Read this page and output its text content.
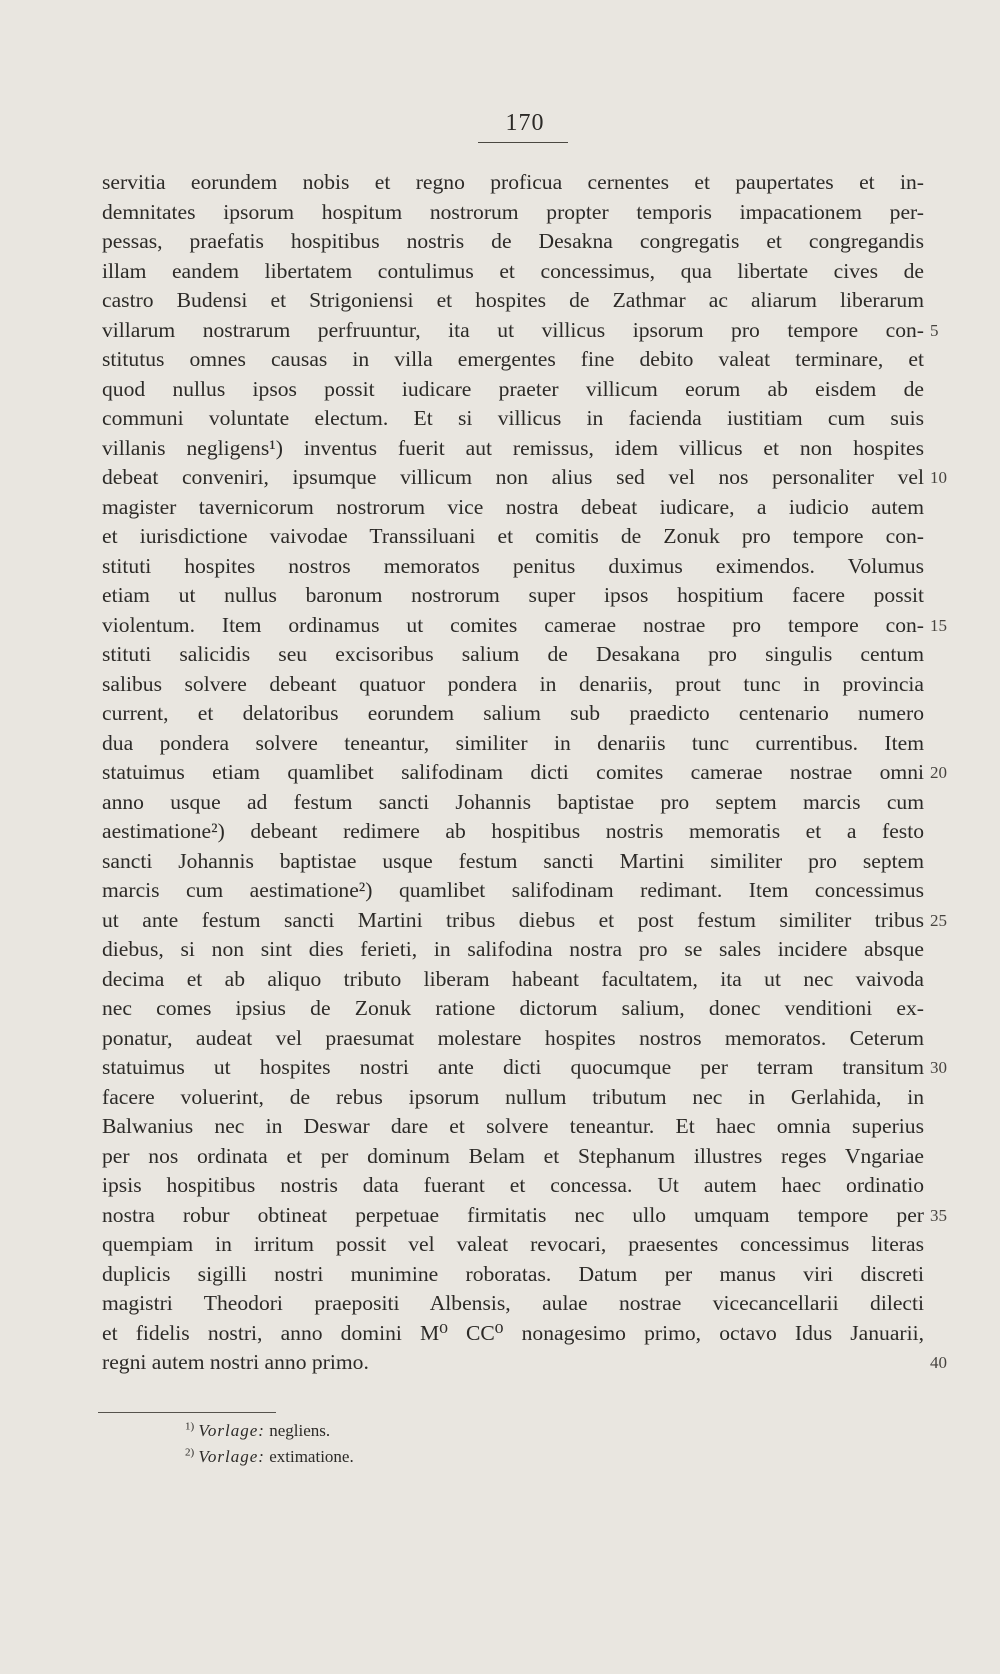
170
servitia eorundem nobis et regno proficua cernentes et paupertates et in-
demnitates ipsorum hospitum nostrorum propter temporis impacationem per-
pessas, praefatis hospitibus nostris de Desakna congregatis et congregandis
illam eandem libertatem contulimus et concessimus, qua libertate cives de
castro Budensi et Strigoniensi et hospites de Zathmar ac aliarum liberarum
villarum nostrarum perfruuntur, ita ut villicus ipsorum pro tempore con-
stitutus omnes causas in villa emergentes fine debito valeat terminare, et
quod nullus ipsos possit iudicare praeter villicum eorum ab eisdem de
communi voluntate electum. Et si villicus in facienda iustitiam cum suis
villanis negligens¹) inventus fuerit aut remissus, idem villicus et non hospites
debeat conveniri, ipsumque villicum non alius sed vel nos personaliter vel
magister tavernicorum nostrorum vice nostra debeat iudicare, a iudicio autem
et iurisdictione vaivodae Transsiluani et comitis de Zonuk pro tempore con-
stituti hospites nostros memoratos penitus duximus eximendos. Volumus
etiam ut nullus baronum nostrorum super ipsos hospitium facere possit
violentum. Item ordinamus ut comites camerae nostrae pro tempore con-
stituti salicidis seu excisoribus salium de Desakana pro singulis centum
salibus solvere debeant quatuor pondera in denariis, prout tunc in provincia
current, et delatoribus eorundem salium sub praedicto centenario numero
dua pondera solvere teneantur, similiter in denariis tunc currentibus. Item
statuimus etiam quamlibet salifodinam dicti comites camerae nostrae omni
anno usque ad festum sancti Johannis baptistae pro septem marcis cum
aestimatione²) debeant redimere ab hospitibus nostris memoratis et a festo
sancti Johannis baptistae usque festum sancti Martini similiter pro septem
marcis cum aestimatione²) quamlibet salifodinam redimant. Item concessimus
ut ante festum sancti Martini tribus diebus et post festum similiter tribus
diebus, si non sint dies ferieti, in salifodina nostra pro se sales incidere absque
decima et ab aliquo tributo liberam habeant facultatem, ita ut nec vaivoda
nec comes ipsius de Zonuk ratione dictorum salium, donec venditioni ex-
ponatur, audeat vel praesumat molestare hospites nostros memoratos. Ceterum
statuimus ut hospites nostri ante dicti quocumque per terram transitum
facere voluerint, de rebus ipsorum nullum tributum nec in Gerlahida, in
Balwanius nec in Deswar dare et solvere teneantur. Et haec omnia superius
per nos ordinata et per dominum Belam et Stephanum illustres reges Vngariae
ipsis hospitibus nostris data fuerant et concessa. Ut autem haec ordinatio
nostra robur obtineat perpetuae firmitatis nec ullo umquam tempore per
quempiam in irritum possit vel valeat revocari, praesentes concessimus literas
duplicis sigilli nostri munimine roboratas. Datum per manus viri discreti
magistri Theodori praepositi Albensis, aulae nostrae vicecancellarii dilecti
et fidelis nostri, anno domini M⁰ CC⁰ nonagesimo primo, octavo Idus Januarii,
regni autem nostri anno primo.
5
10
15
20
25
30
35
40
$^{1)}$ Vorlage: negliens.
$^{2)}$ Vorlage: extimatione.
